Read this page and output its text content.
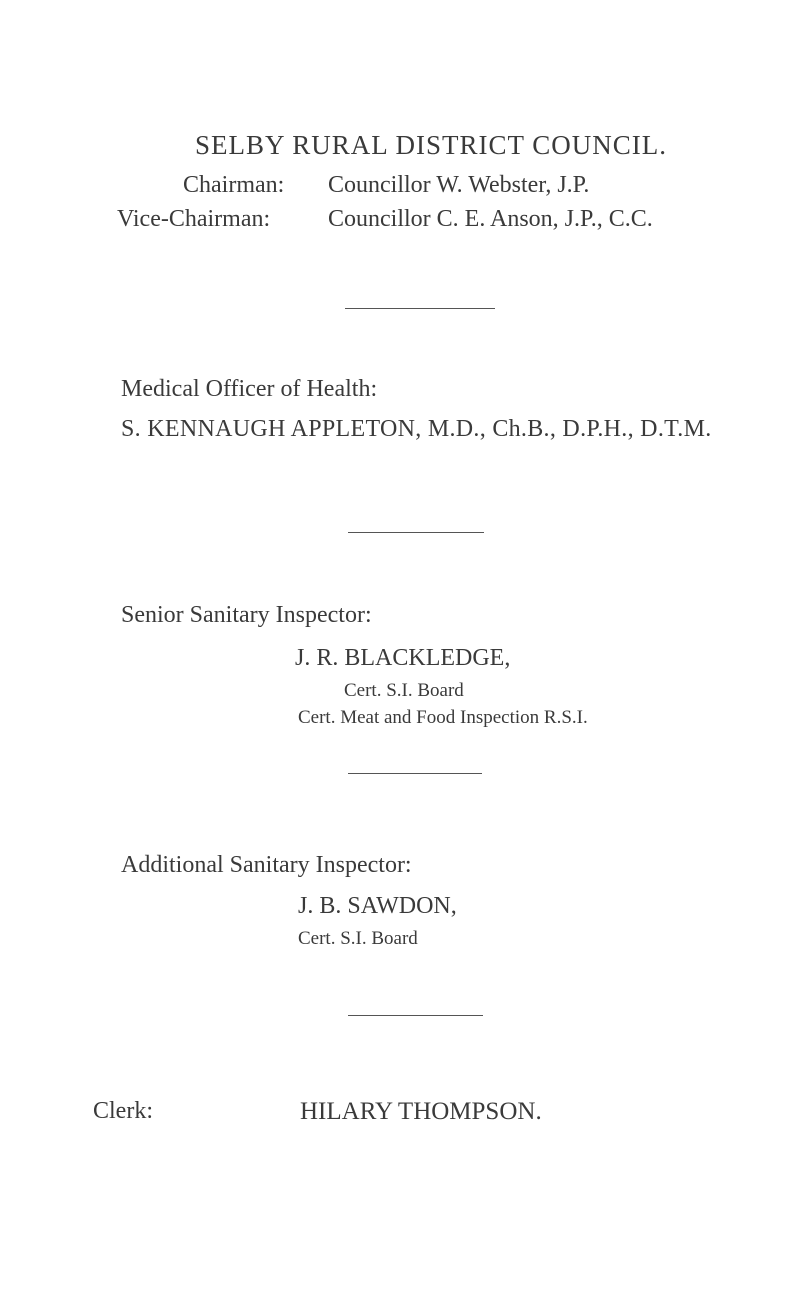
SELBY RURAL DISTRICT COUNCIL.
Chairman: Councillor W. Webster, J.P.
Vice-Chairman: Councillor C. E. Anson, J.P., C.C.
Medical Officer of Health:
S. KENNAUGH APPLETON, M.D., Ch.B., D.P.H., D.T.M.
Senior Sanitary Inspector:
J. R. BLACKLEDGE,
Cert. S.I. Board
Cert. Meat and Food Inspection R.S.I.
Additional Sanitary Inspector:
J. B. SAWDON,
Cert. S.I. Board
Clerk:	HILARY THOMPSON.
